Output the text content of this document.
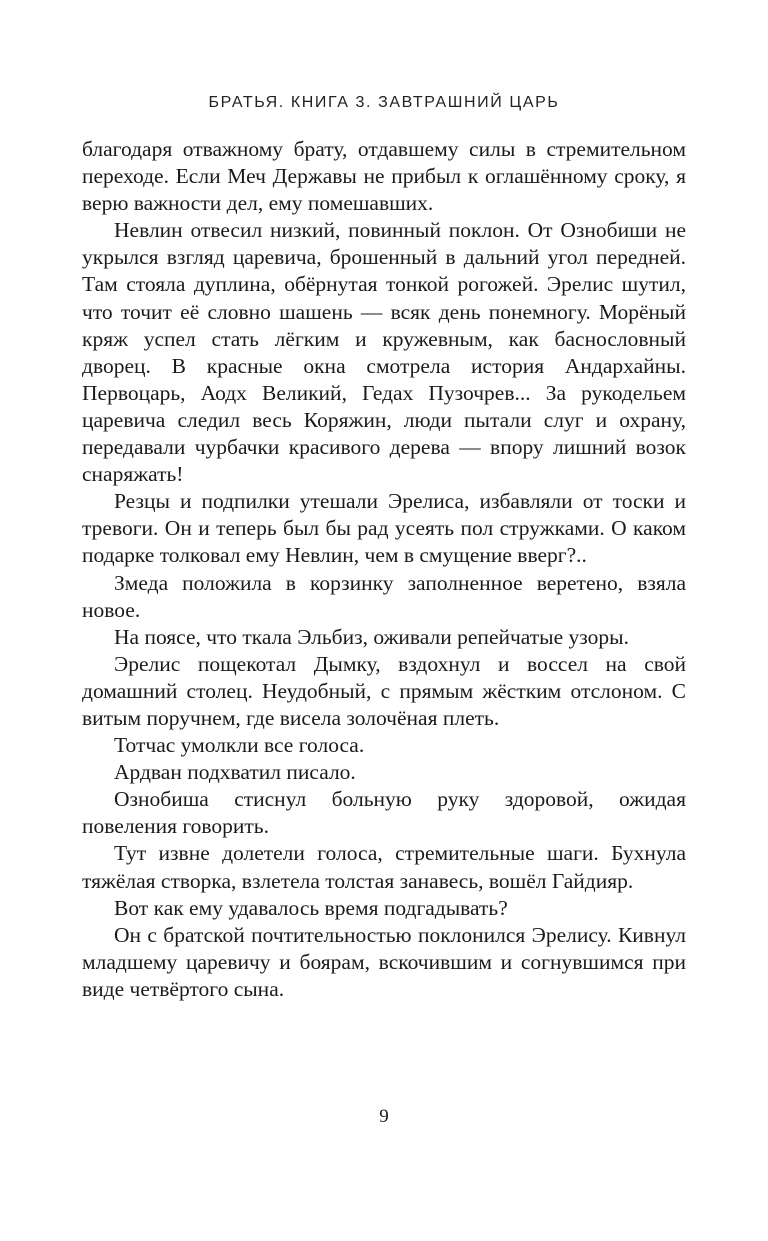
БРАТЬЯ. КНИГА 3. ЗАВТРАШНИЙ ЦАРЬ

благодаря отважному брату, отдавшему силы в стремительном переходе. Если Меч Державы не прибыл к оглашённому сроку, я верю важности дел, ему помешавших.

Невлин отвесил низкий, повинный поклон. От Ознобиши не укрылся взгляд царевича, брошенный в дальний угол передней. Там стояла дуплина, обёрнутая тонкой рогожей. Эрелис шутил, что точит её словно шашень — всяк день понемногу. Морёный кряж успел стать лёгким и кружевным, как баснословный дворец. В красные окна смотрела история Андархайны. Первоцарь, Аодх Великий, Гедах Пузочрев... За рукодельем царевича следил весь Коряжин, люди пытали слуг и охрану, передавали чурбачки красивого дерева — впору лишний возок снаряжать!

Резцы и подпилки утешали Эрелиса, избавляли от тоски и тревоги. Он и теперь был бы рад усеять пол стружками. О каком подарке толковал ему Невлин, чем в смущение вверг?..

Змеда положила в корзинку заполненное веретено, взяла новое.

На поясе, что ткала Эльбиз, оживали репейчатые узоры.

Эрелис пощекотал Дымку, вздохнул и воссел на свой домашний столец. Неудобный, с прямым жёстким отслоном. С витым поручнем, где висела золочёная плеть.

Тотчас умолкли все голоса.

Ардван подхватил писало.

Ознобиша стиснул больную руку здоровой, ожидая повеления говорить.

Тут извне долетели голоса, стремительные шаги. Бухнула тяжёлая створка, взлетела толстая занавесь, вошёл Гайдияр.

Вот как ему удавалось время подгадывать?

Он с братской почтительностью поклонился Эрелису. Кивнул младшему царевичу и боярам, вскочившим и согнувшимся при виде четвёртого сына.

9
